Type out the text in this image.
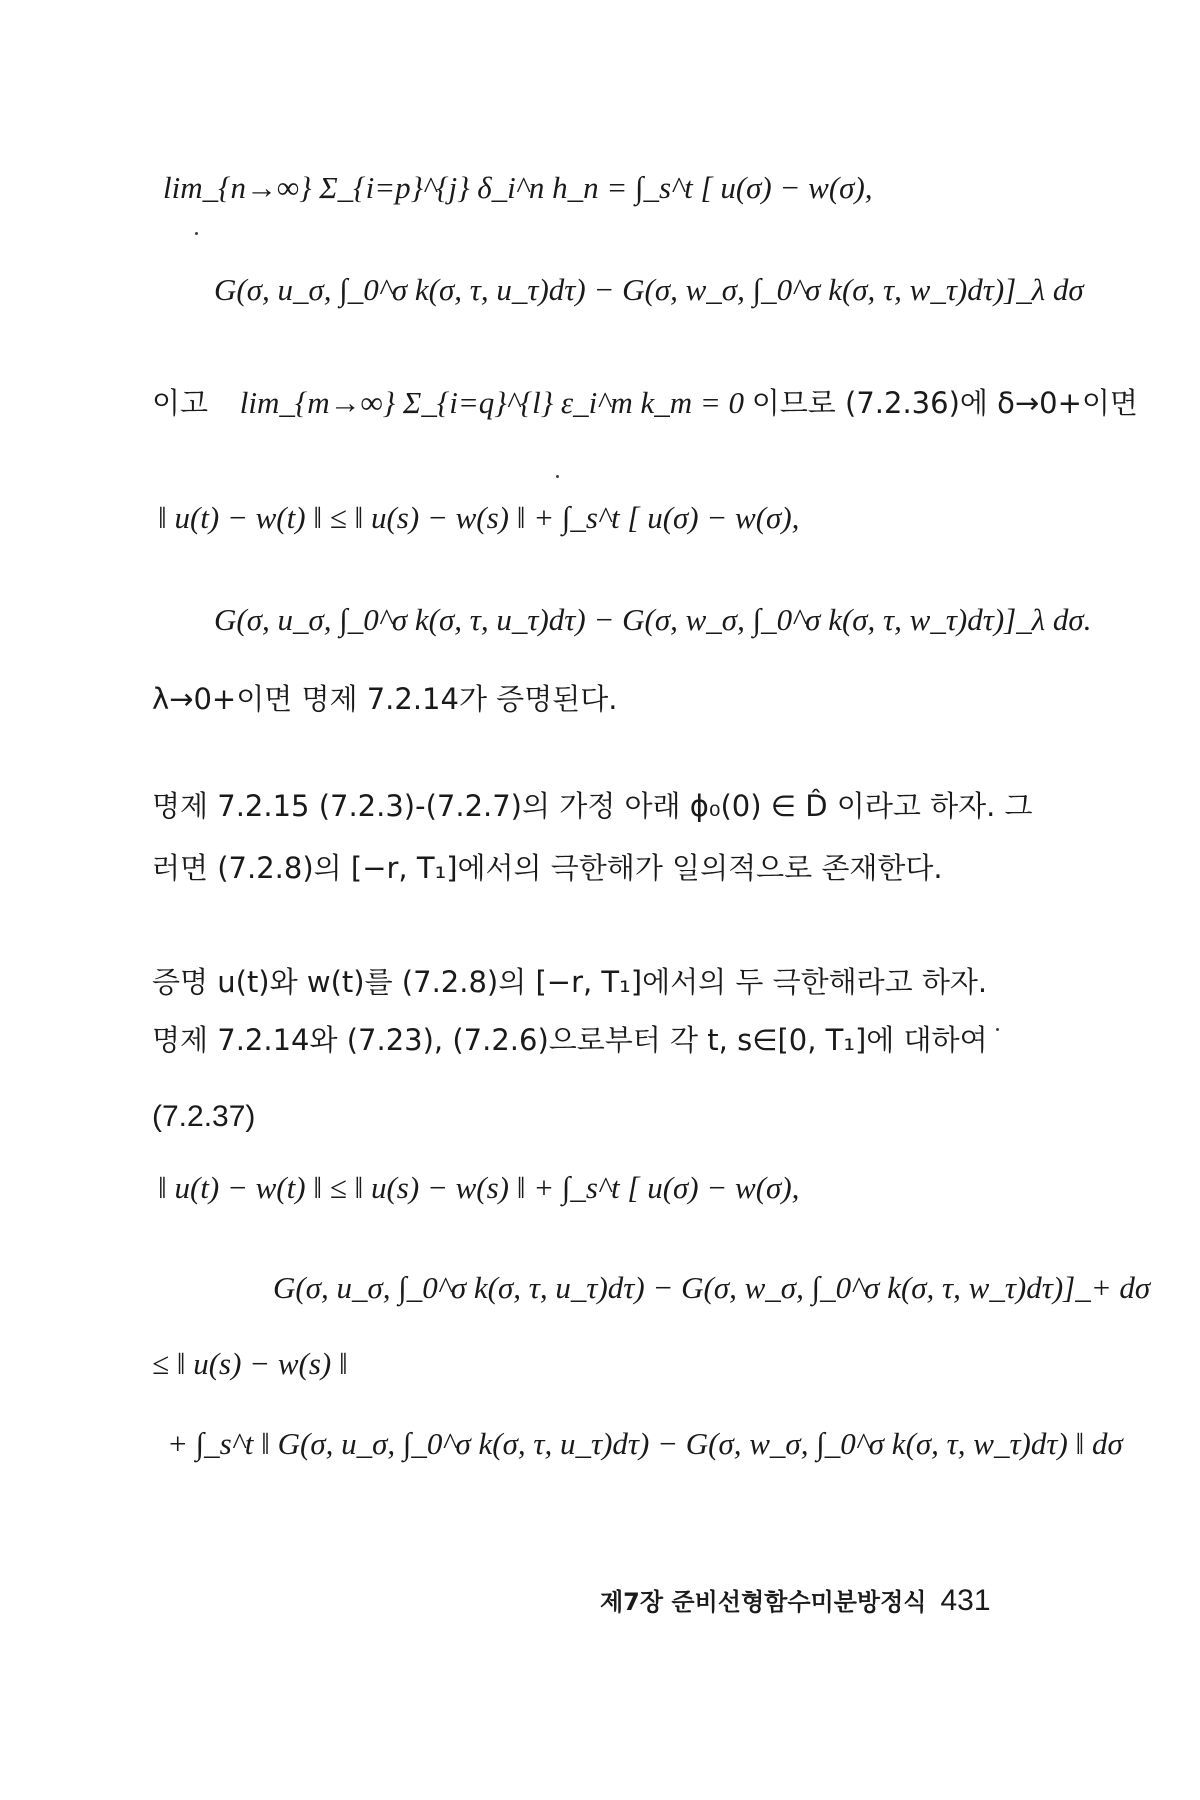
lim_{n→∞} Σ_{i=p}^{j} δ_i^n h_n = ∫_s^t [ u(σ) − w(σ),
G(σ, u_σ, ∫_0^σ k(σ, τ, u_τ)dτ) − G(σ, w_σ, ∫_0^σ k(σ, τ, w_τ)dτ)]_λ dσ
이고 lim_{m→∞} Σ_{i=q}^{l} ε_i^m k_m = 0 이므로 (7.2.36)에 δ→0+이면
‖ u(t) − w(t) ‖ ≤ ‖ u(s) − w(s) ‖ + ∫_s^t [ u(σ) − w(σ),
G(σ, u_σ, ∫_0^σ k(σ, τ, u_τ)dτ) − G(σ, w_σ, ∫_0^σ k(σ, τ, w_τ)dτ)]_λ dσ.
λ→0+이면 명제 7.2.14가 증명된다.
명제 7.2.15 (7.2.3)-(7.2.7)의 가정 아래 ϕ₀(0) ∈ D̂ 이라고 하자. 그
러면 (7.2.8)의 [−r, T₁]에서의 극한해가 일의적으로 존재한다.
증명 u(t)와 w(t)를 (7.2.8)의 [−r, T₁]에서의 두 극한해라고 하자.
명제 7.2.14와 (7.23), (7.2.6)으로부터 각 t, s∈[0, T₁]에 대하여
(7.2.37)
‖ u(t) − w(t) ‖ ≤ ‖ u(s) − w(s) ‖ + ∫_s^t [ u(σ) − w(σ),
G(σ, u_σ, ∫_0^σ k(σ, τ, u_τ)dτ) − G(σ, w_σ, ∫_0^σ k(σ, τ, w_τ)dτ)]_+ dσ
≤ ‖ u(s) − w(s) ‖
+ ∫_s^t ‖ G(σ, u_σ, ∫_0^σ k(σ, τ, u_τ)dτ) − G(σ, w_σ, ∫_0^σ k(σ, τ, w_τ)dτ) ‖ dσ
제7장 준비선형함수미분방정식 431
